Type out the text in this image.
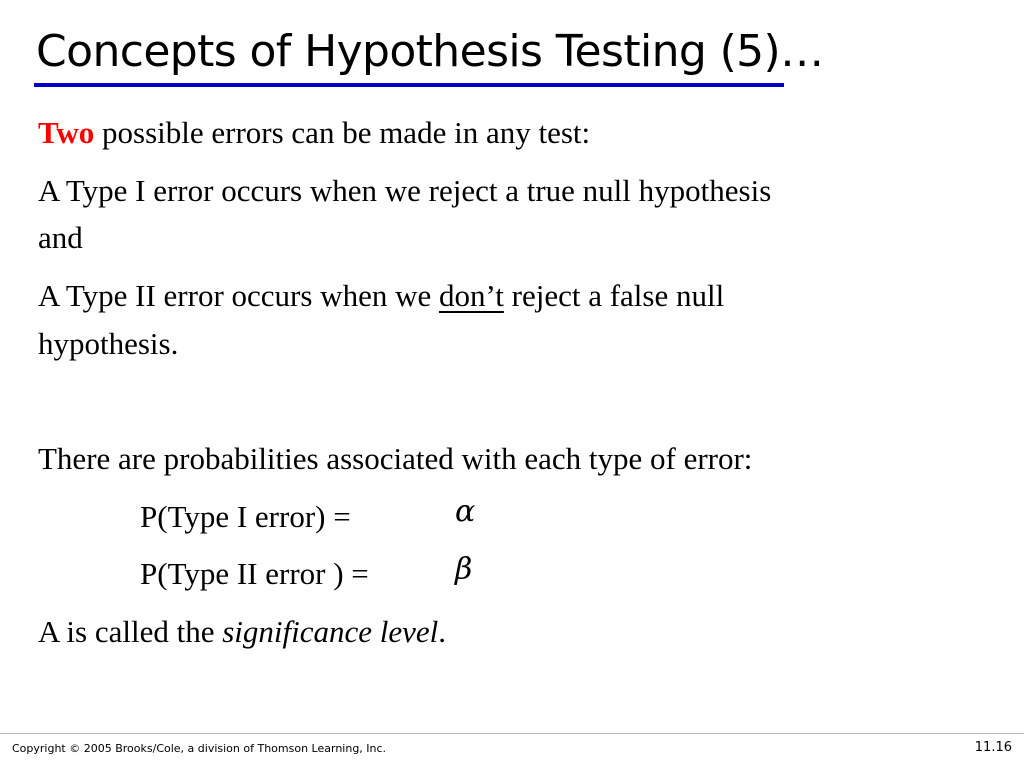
Concepts of Hypothesis Testing (5)…
Two possible errors can be made in any test:
A Type I error occurs when we reject a true null hypothesis
and
A Type II error occurs when we don’t reject a false null
hypothesis.
There are probabilities associated with each type of error:
P(Type I error) =	α
P(Type II error ) =	β
A is called the significance level.
Copyright © 2005 Brooks/Cole, a division of Thomson Learning, Inc.	11.16
